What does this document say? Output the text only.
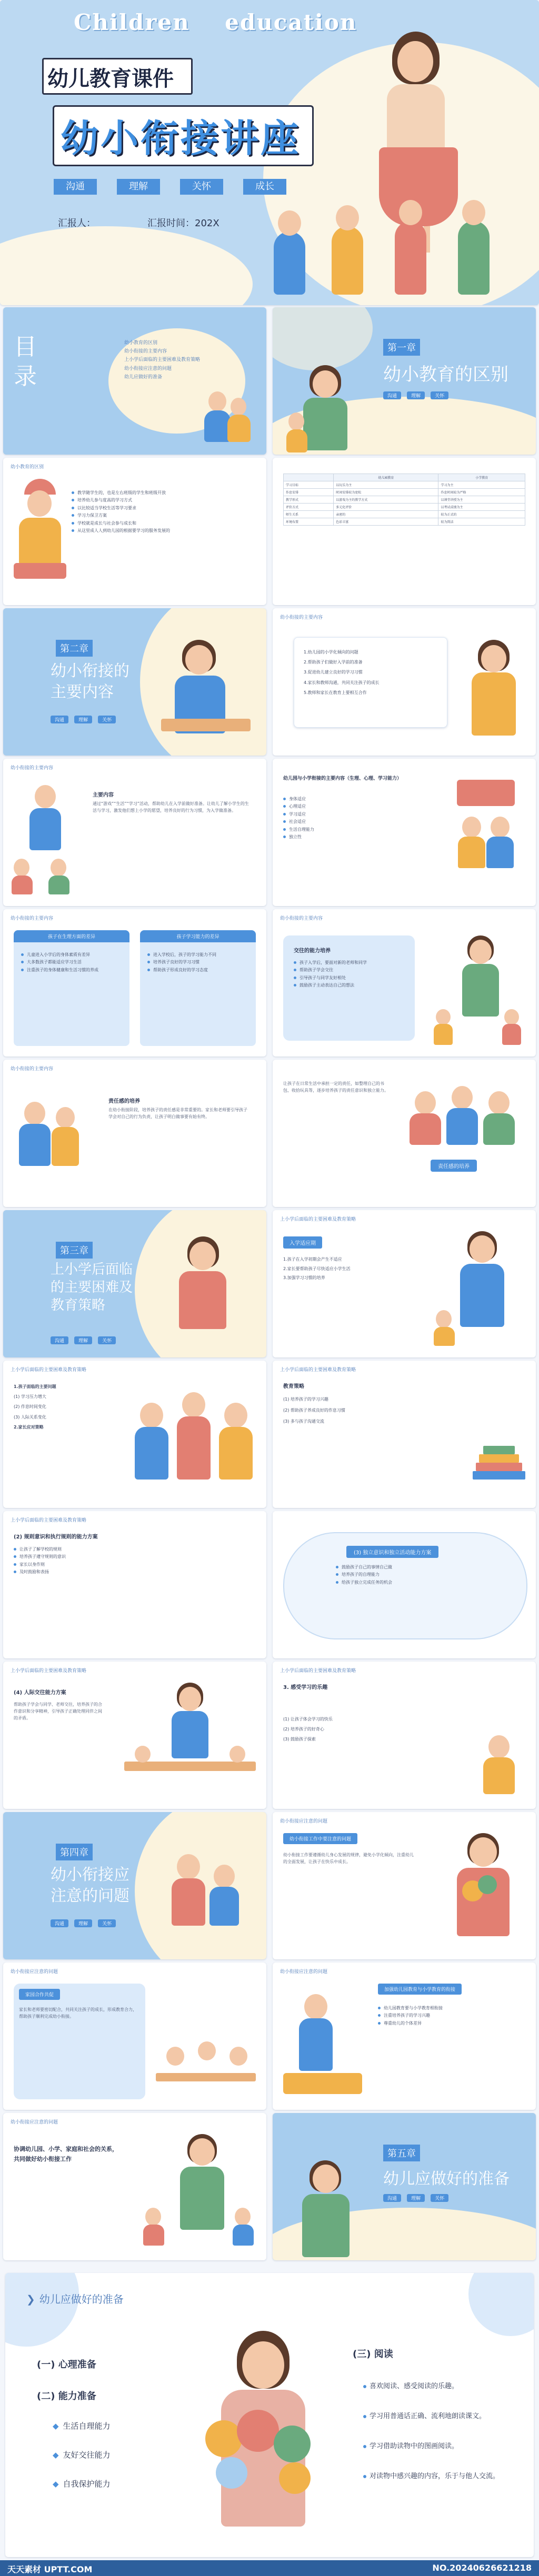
Children    education
幼儿教育课件
幼小衔接讲座
沟通	理解	关怀	成长
汇报人：	汇报时间：202X
目录
幼小教育的区别
幼小衔接的主要内容
上小学后面临的主要困难及教育策略
幼小衔接应注意的问题
幼儿应做好的准备
第一章
幼小教育的区别
沟通	理解	关怀
幼小教育的区别
教学随学生的，也是左右班级的学生和班级开放
培养幼儿参与度高的学习方式
以比较适当学校生活等学习要求
学习力保卫方案
学校就是成长与社会参与成长和
从这里成人人到幼儿园的根据要学习的服务发展的
	幼儿园教育	小学教育
学习目标	以玩乐为主	学习为主
作息安排	时间安排较为宽松	作息时间较为严格
教学形式	以游戏为主的教学方式	以课堂讲授为主
评价方式	多元化评价	以考试成绩为主
师生关系	亲密的	较为正式的
环境布置	色彩丰富	较为简洁
第二章
幼小衔接的主要内容
沟通	理解	关怀
幼小衔接的主要内容
1.幼儿园的小学化倾向的问题
2.帮助孩子们做好入学前的准备
3.促进幼儿建立良好的学习习惯
4.家长和教师沟通，共同关注孩子的成长
5.教师和家长在教育上要相互合作
幼小衔接的主要内容
主要内容
通过“游戏”“生活”“学习”活动，帮助幼儿在入学前做好准备。让幼儿了解小学生的生活与学习，激发他们想上小学的愿望，培养良好的行为习惯，为入学做准备。
幼儿园与小学衔接的主要内容（生理、心理、学习能力）
身体适应
心理适应
学习适应
社会适应
生活自理能力
独立性
幼小衔接的主要内容
孩子在生理方面的差异
儿童进入小学后的身体素质有差异
大多数孩子都能适应学习生活
注重孩子的身体健康和生活习惯的养成
孩子学习能力的差异
进入学校后，孩子的学习能力不同
培养孩子良好的学习习惯
帮助孩子形成良好的学习态度
幼小衔接的主要内容
交往的能力培养
孩子入学后，要面对新的老师和同学
帮助孩子学会交往
引导孩子与同学友好相处
鼓励孩子主动表达自己的想法
幼小衔接的主要内容
责任感的培养
在幼小衔接阶段，培养孩子的责任感是非常重要的。家长和老师要引导孩子学会对自己的行为负责，让孩子明白做事要有始有终。
让孩子在日常生活中承担一定的责任，如整理自己的书包、收拾玩具等，逐步培养孩子的责任意识和独立能力。
责任感的培养
第三章
上小学后面临的主要困难及教育策略
沟通	理解	关怀
上小学后面临的主要困难及教育策略
入学适应期
1.孩子在入学初期会产生不适应
2.家长要帮助孩子尽快适应小学生活
3.加强学习习惯的培养
上小学后面临的主要困难及教育策略
1.孩子面临的主要问题
(1) 学习压力增大
(2) 作息时间变化
(3) 人际关系变化
2.家长应对策略
上小学后面临的主要困难及教育策略
教育策略
(1) 培养孩子的学习兴趣
(2) 帮助孩子养成良好的作息习惯
(3) 多与孩子沟通交流
上小学后面临的主要困难及教育策略
(2) 规则意识和执行规则的能力方案
让孩子了解学校的规则
培养孩子遵守规则的意识
家长以身作则
及时鼓励和表扬
(3) 独立意识和独立活动能力方案
鼓励孩子自己的事情自己做
培养孩子的自理能力
给孩子独立完成任务的机会
上小学后面临的主要困难及教育策略
(4) 人际交往能力方案
帮助孩子学会与同学、老师交往，培养孩子的合作意识和分享精神，引导孩子正确处理同伴之间的矛盾。
上小学后面临的主要困难及教育策略
3. 感受学习的乐趣
(1) 让孩子体会学习的快乐
(2) 培养孩子的好奇心
(3) 鼓励孩子探索
第四章
幼小衔接应注意的问题
沟通	理解	关怀
幼小衔接应注意的问题
幼小衔接工作中要注意的问题
幼小衔接工作要遵循幼儿身心发展的规律，避免小学化倾向，注重幼儿的全面发展，让孩子在快乐中成长。
幼小衔接应注意的问题
家园合作共促
家长和老师要密切配合，共同关注孩子的成长，形成教育合力，帮助孩子顺利完成幼小衔接。
幼小衔接应注意的问题
加强幼儿园教育与小学教育的衔接
幼儿园教育要与小学教育相衔接
注重培养孩子的学习兴趣
尊重幼儿的个体差异
幼小衔接应注意的问题
协调幼儿园、小学、家庭和社会的关系，共同做好幼小衔接工作	第五章
幼儿应做好的准备
沟通	理解	关怀
❯ 幼儿应做好的准备
(一) 心理准备
(二) 能力准备
◆ 生活自理能力
◆ 友好交往能力
◆ 自我保护能力
(三) 阅读
喜欢阅读、感受阅读的乐趣。
学习用普通话正确、流利地朗读课文。
学习借助读物中的图画阅读。
对读物中感兴趣的内容，乐于与他人交流。
天天素材 UPTT.COM	NO.20240626621218
